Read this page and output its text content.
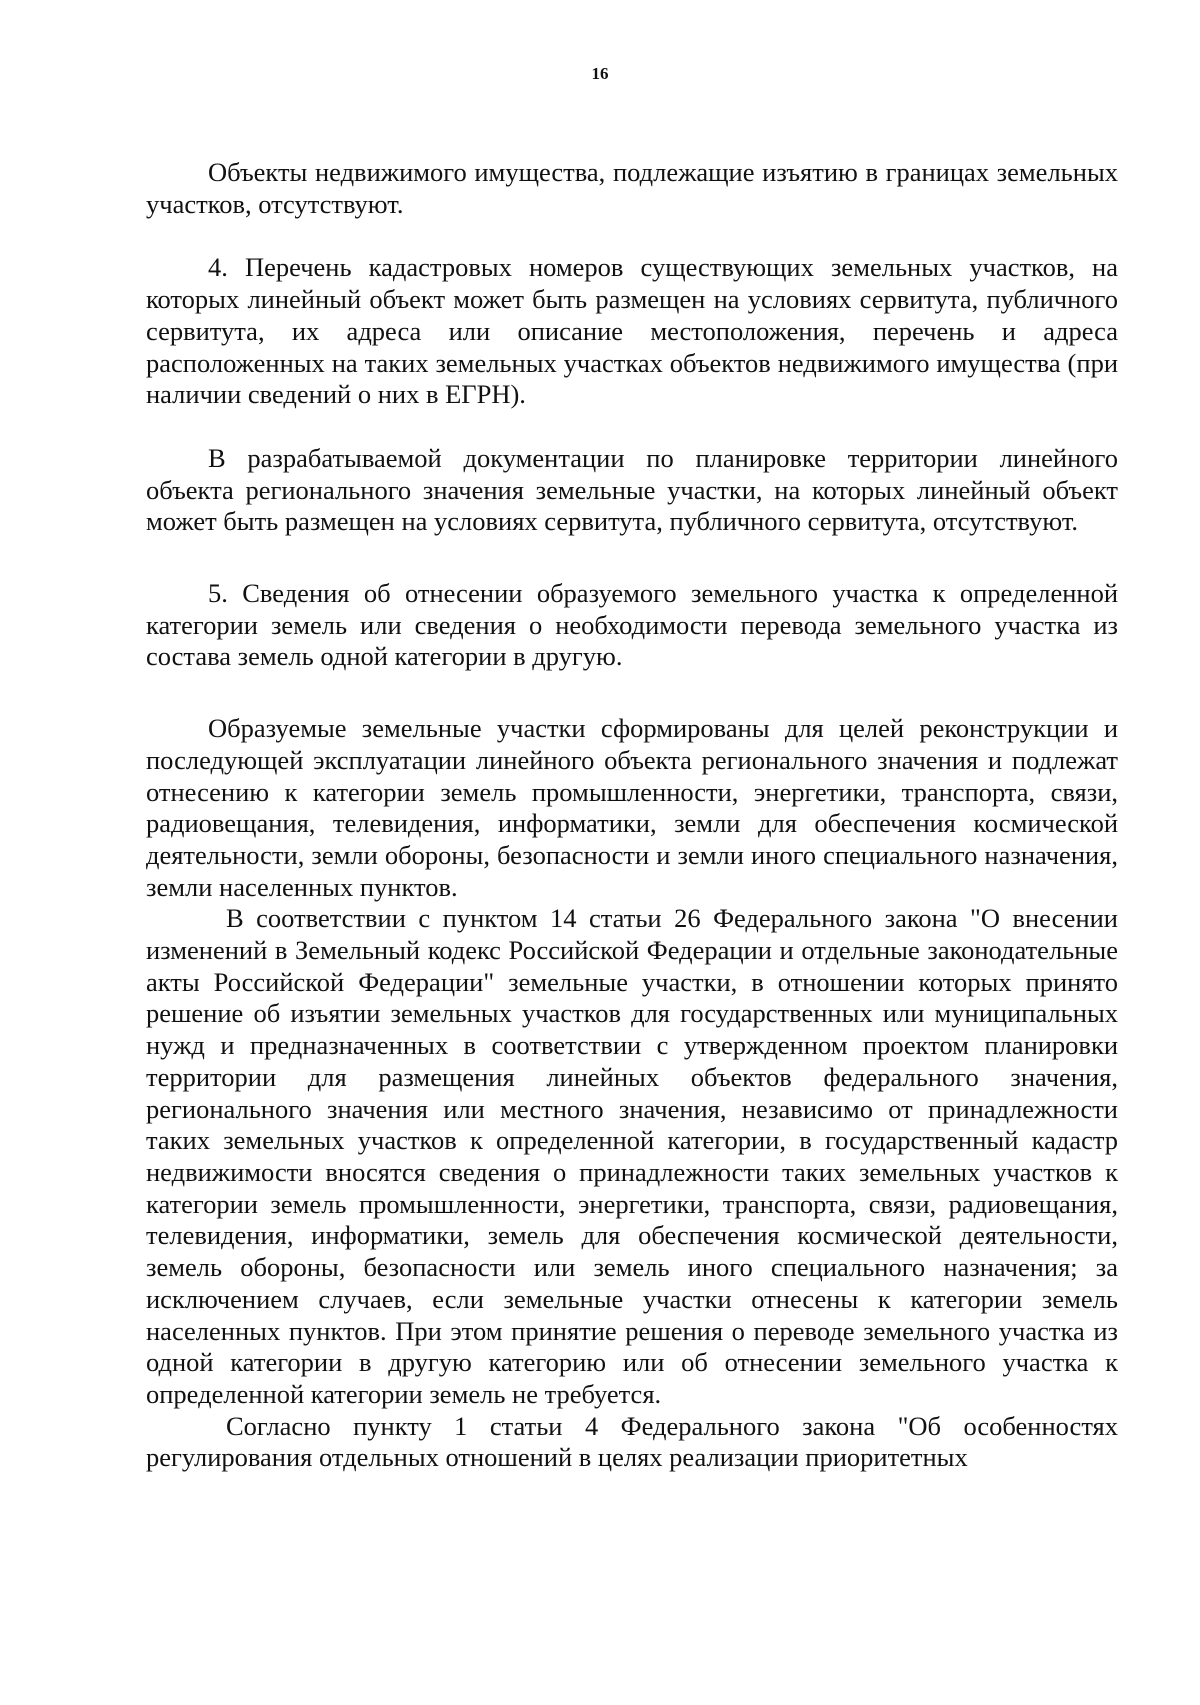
16

Объекты недвижимого имущества, подлежащие изъятию в границах земельных участков, отсутствуют.

4. Перечень кадастровых номеров существующих земельных участков, на которых линейный объект может быть размещен на условиях сервитута, публичного сервитута, их адреса или описание местоположения, перечень и адреса расположенных на таких земельных участках объектов недвижимого имущества (при наличии сведений о них в ЕГРН).

В разрабатываемой документации по планировке территории линейного объекта регионального значения земельные участки, на которых линейный объект может быть размещен на условиях сервитута, публичного сервитута, отсутствуют.

5. Сведения об отнесении образуемого земельного участка к определенной категории земель или сведения о необходимости перевода земельного участка из состава земель одной категории в другую.

Образуемые земельные участки сформированы для целей реконструкции и последующей эксплуатации линейного объекта регионального значения и подлежат отнесению к категории земель промышленности, энергетики, транспорта, связи, радиовещания, телевидения, информатики, земли для обеспечения космической деятельности, земли обороны, безопасности и земли иного специального назначения, земли населенных пунктов.

В соответствии с пунктом 14 статьи 26 Федерального закона "О внесении изменений в Земельный кодекс Российской Федерации и отдельные законодательные акты Российской Федерации" земельные участки, в отношении которых принято решение об изъятии земельных участков для государственных или муниципальных нужд и предназначенных в соответствии с утвержденном проектом планировки территории для размещения линейных объектов федерального значения, регионального значения или местного значения, независимо от принадлежности таких земельных участков к определенной категории, в государственный кадастр недвижимости вносятся сведения о принадлежности таких земельных участков к категории земель промышленности, энергетики, транспорта, связи, радиовещания, телевидения, информатики, земель для обеспечения космической деятельности, земель обороны, безопасности или земель иного специального назначения; за исключением случаев, если земельные участки отнесены к категории земель населенных пунктов. При этом принятие решения о переводе земельного участка из одной категории в другую категорию или об отнесении земельного участка к определенной категории земель не требуется.

Согласно пункту 1 статьи 4 Федерального закона "Об особенностях регулирования отдельных отношений в целях реализации приоритетных
